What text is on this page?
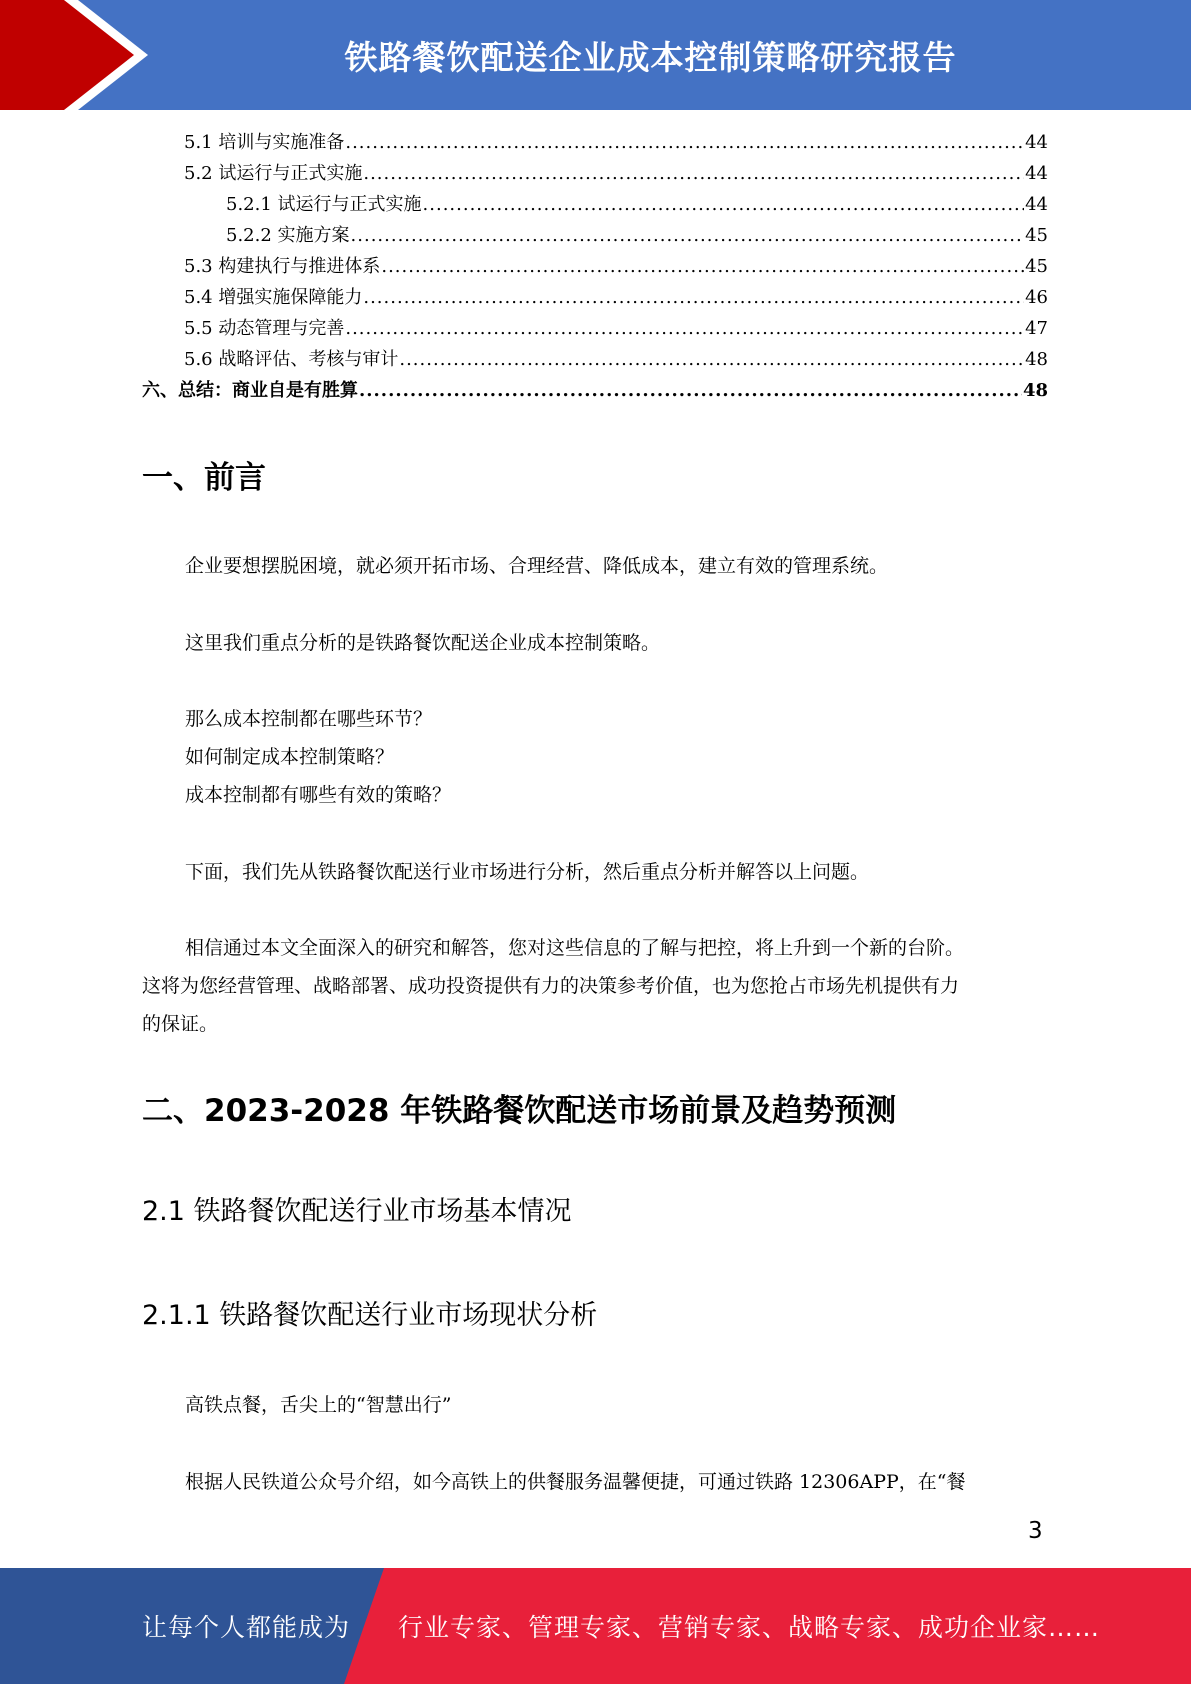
铁路餐饮配送企业成本控制策略研究报告
5.1 培训与实施准备 .....	44
5.2 试运行与正式实施 .....	44
5.2.1 试运行与正式实施 .....	44
5.2.2 实施方案 .....	45
5.3 构建执行与推进体系 .....	45
5.4 增强实施保障能力 .....	46
5.5 动态管理与完善 .....	47
5.6 战略评估、考核与审计 .....	48
六、总结：商业自是有胜算 .....	48
一、前言
企业要想摆脱困境，就必须开拓市场、合理经营、降低成本，建立有效的管理系统。
这里我们重点分析的是铁路餐饮配送企业成本控制策略。
那么成本控制都在哪些环节？
如何制定成本控制策略？
成本控制都有哪些有效的策略？
下面，我们先从铁路餐饮配送行业市场进行分析，然后重点分析并解答以上问题。
相信通过本文全面深入的研究和解答，您对这些信息的了解与把控，将上升到一个新的台阶。
这将为您经营管理、战略部署、成功投资提供有力的决策参考价值，也为您抢占市场先机提供有力
的保证。
二、2023-2028 年铁路餐饮配送市场前景及趋势预测
2.1 铁路餐饮配送行业市场基本情况
2.1.1 铁路餐饮配送行业市场现状分析
高铁点餐，舌尖上的“智慧出行”
根据人民铁道公众号介绍，如今高铁上的供餐服务温馨便捷，可通过铁路 12306APP，在“餐
3
让每个人都能成为 行业专家、管理专家、营销专家、战略专家、成功企业家……
